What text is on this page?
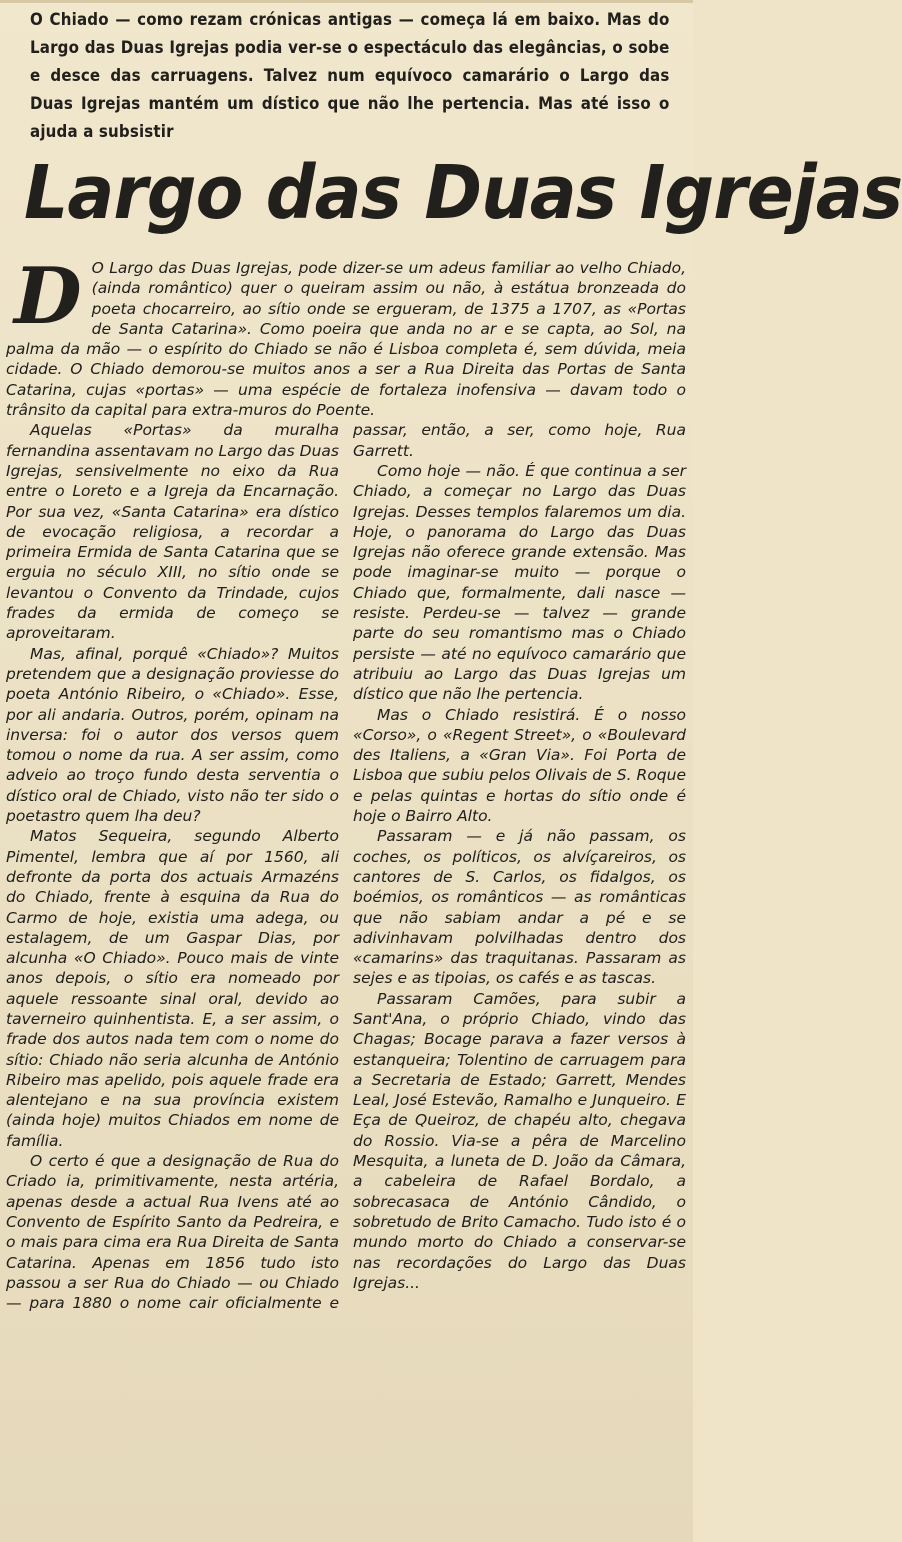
O Chiado — como rezam crónicas antigas — começa lá em baixo. Mas do Largo das Duas Igrejas podia ver-se o espectáculo das elegâncias, o sobe e desce das carruagens. Talvez num equívoco camarário o Largo das Duas Igrejas mantém um dístico que não lhe pertencia. Mas até isso o ajuda a subsistir
Largo das Duas Igrejas

D O Largo das Duas Igrejas, pode dizer-se um adeus familiar ao velho Chiado, (ainda romântico) quer o queiram assim ou não, à estátua bronzeada do poeta chocarreiro, ao sítio onde se ergueram, de 1375 a 1707, as «Portas de Santa Catarina». Como poeira que anda no ar e se capta, ao Sol, na palma da mão — o espírito do Chiado se não é Lisboa completa é, sem dúvida, meia cidade. O Chiado demorou-se muitos anos a ser a Rua Direita das Portas de Santa Catarina, cujas «portas» — uma espécie de fortaleza inofensiva — davam todo o trânsito da capital para extra-muros do Poente.

Aquelas «Portas» da muralha fernandina assentavam no Largo das Duas Igrejas, sensivelmente no eixo da Rua entre o Loreto e a Igreja da Encarnação. Por sua vez, «Santa Catarina» era dístico de evocação religiosa, a recordar a primeira Ermida de Santa Catarina que se erguia no século XIII, no sítio onde se levantou o Convento da Trindade, cujos frades da ermida de começo se aproveitaram.

Mas, afinal, porquê «Chiado»? Muitos pretendem que a designação proviesse do poeta António Ribeiro, o «Chiado». Esse, por ali andaria. Outros, porém, opinam na inversa: foi o autor dos versos quem tomou o nome da rua. A ser assim, como adveio ao troço fundo desta serventia o dístico oral de Chiado, visto não ter sido o poetastro quem lha deu?

Matos Sequeira, segundo Alberto Pimentel, lembra que aí por 1560, ali defronte da porta dos actuais Armazéns do Chiado, frente à esquina da Rua do Carmo de hoje, existia uma adega, ou estalagem, de um Gaspar Dias, por alcunha «O Chiado». Pouco mais de vinte anos depois, o sítio era nomeado por aquele ressoante sinal oral, devido ao taverneiro quinhentista. E, a ser assim, o frade dos autos nada tem com o nome do sítio: Chiado não seria alcunha de António Ribeiro mas apelido, pois aquele frade era alentejano e na sua província existem (ainda hoje) muitos Chiados em nome de família.

O certo é que a designação de Rua do Criado ia, primitivamente, nesta artéria, apenas desde a actual Rua Ivens até ao Convento de Espírito Santo da Pedreira, e o mais para cima era Rua Direita de Santa Catarina. Apenas em 1856 tudo isto passou a ser Rua do Chiado — ou Chiado — para 1880 o nome cair oficialmente e passar, então, a ser, como hoje, Rua Garrett.

Como hoje — não. É que continua a ser Chiado, a começar no Largo das Duas Igrejas. Desses templos falaremos um dia. Hoje, o panorama do Largo das Duas Igrejas não oferece grande extensão. Mas pode imaginar-se muito — porque o Chiado que, formalmente, dali nasce — resiste. Perdeu-se — talvez — grande parte do seu romantismo mas o Chiado persiste — até no equívoco camarário que atribuiu ao Largo das Duas Igrejas um dístico que não lhe pertencia.

Mas o Chiado resistirá. É o nosso «Corso», o «Regent Street», o «Boulevard des Italiens, a «Gran Via». Foi Porta de Lisboa que subiu pelos Olivais de S. Roque e pelas quintas e hortas do sítio onde é hoje o Bairro Alto.

Passaram — e já não passam, os coches, os políticos, os alvíçareiros, os cantores de S. Carlos, os fidalgos, os boémios, os românticos — as românticas que não sabiam andar a pé e se adivinhavam polvilhadas dentro dos «camarins» das traquitanas. Passaram as sejes e as tipoias, os cafés e as tascas.

Passaram Camões, para subir a Sant'Ana, o próprio Chiado, vindo das Chagas; Bocage parava a fazer versos à estanqueira; Tolentino de carruagem para a Secretaria de Estado; Garrett, Mendes Leal, José Estevão, Ramalho e Junqueiro. E Eça de Queiroz, de chapéu alto, chegava do Rossio. Via-se a pêra de Marcelino Mesquita, a luneta de D. João da Câmara, a cabeleira de Rafael Bordalo, a sobrecasaca de António Cândido, o sobretudo de Brito Camacho. Tudo isto é o mundo morto do Chiado a conservar-se nas recordações do Largo das Duas Igrejas...
